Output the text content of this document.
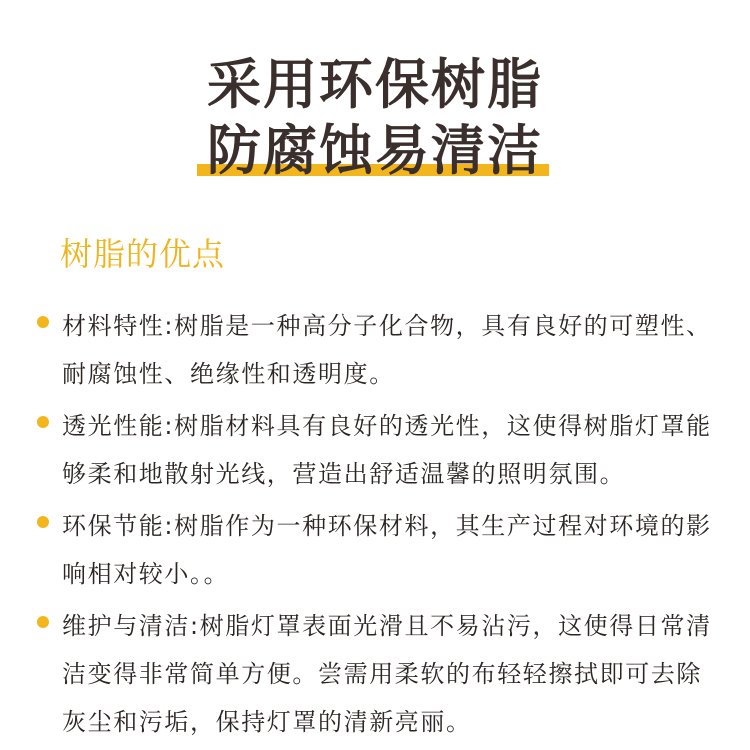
采用环保树脂
防腐蚀易清洁
树脂的优点
材料特性:树脂是一种高分子化合物，具有良好的可塑性、耐腐蚀性、绝缘性和透明度。
透光性能:树脂材料具有良好的透光性，这使得树脂灯罩能够柔和地散射光线，营造出舒适温馨的照明氛围。
环保节能:树脂作为一种环保材料，其生产过程对环境的影响相对较小。。
维护与清洁:树脂灯罩表面光滑且不易沾污，这使得日常清洁变得非常简单方便。尝需用柔软的布轻轻擦拭即可去除灰尘和污垢，保持灯罩的清新亮丽。
